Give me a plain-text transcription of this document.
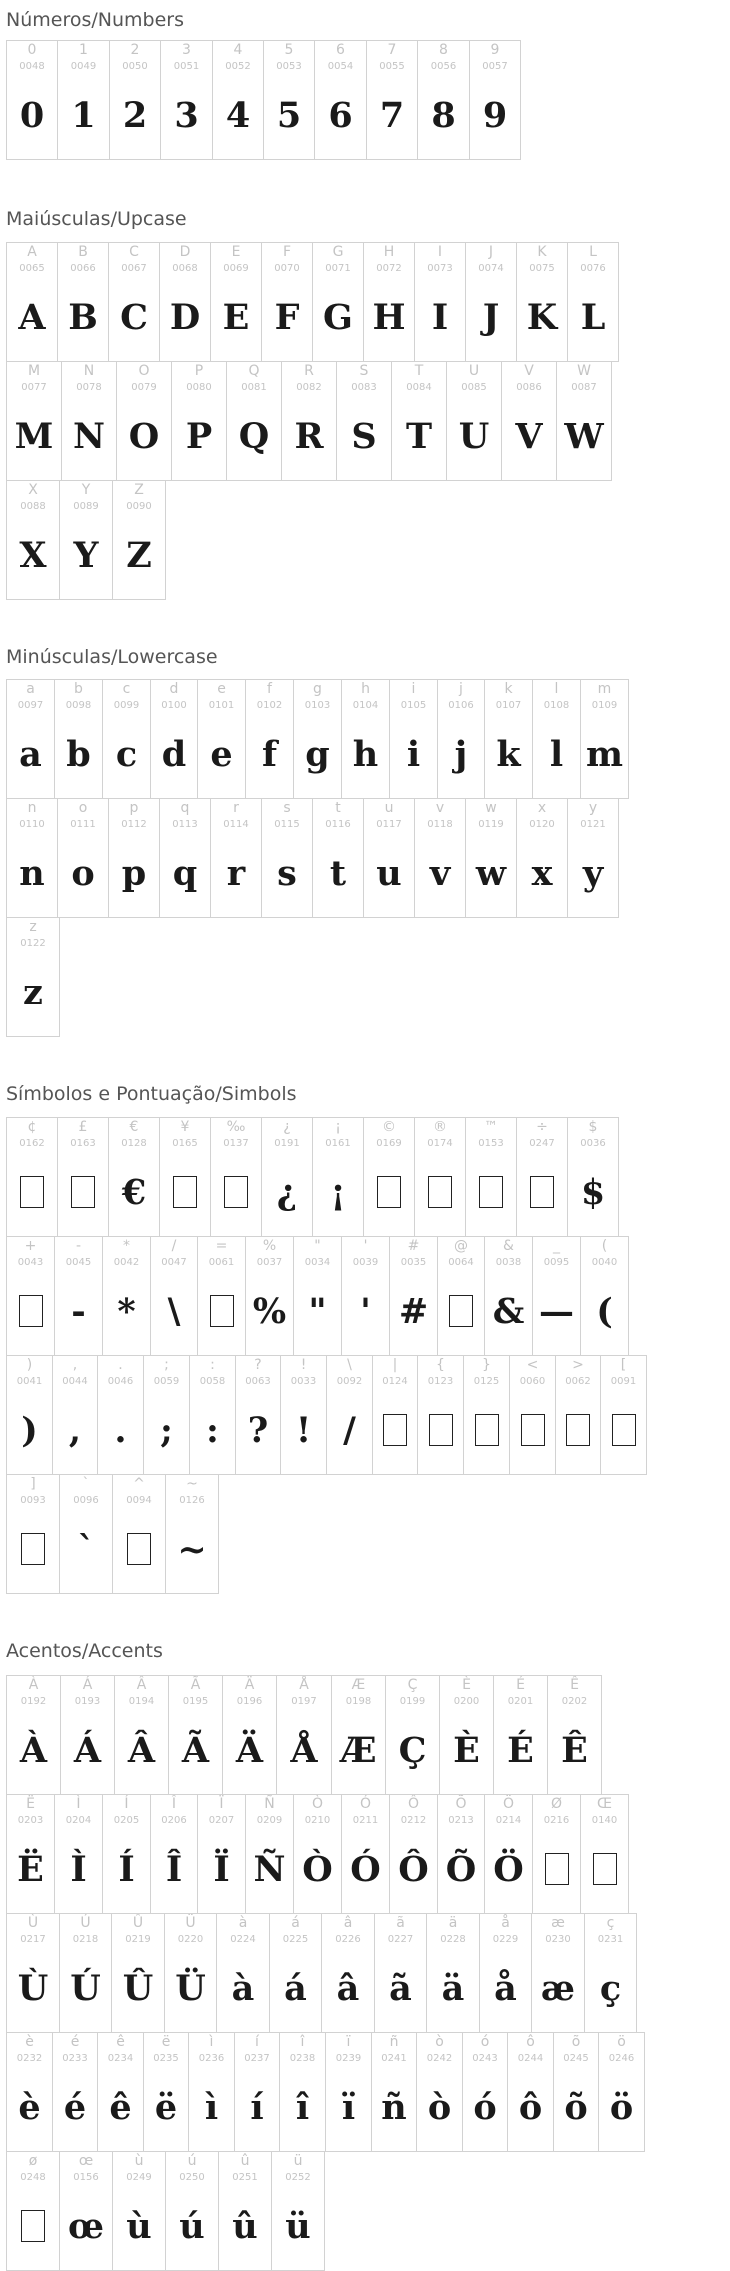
Números/Numbers
0
0048
0
1
0049
1
2
0050
2
3
0051
3
4
0052
4
5
0053
5
6
0054
6
7
0055
7
8
0056
8
9
0057
9
Maiúsculas/Upcase
A
0065
A
B
0066
B
C
0067
C
D
0068
D
E
0069
E
F
0070
F
G
0071
G
H
0072
H
I
0073
I
J
0074
J
K
0075
K
L
0076
L
M
0077
M
N
0078
N
O
0079
O
P
0080
P
Q
0081
Q
R
0082
R
S
0083
S
T
0084
T
U
0085
U
V
0086
V
W
0087
W
X
0088
X
Y
0089
Y
Z
0090
Z
Minúsculas/Lowercase
a
0097
a
b
0098
b
c
0099
c
d
0100
d
e
0101
e
f
0102
f
g
0103
g
h
0104
h
i
0105
i
j
0106
j
k
0107
k
l
0108
l
m
0109
m
n
0110
n
o
0111
o
p
0112
p
q
0113
q
r
0114
r
s
0115
s
t
0116
t
u
0117
u
v
0118
v
w
0119
w
x
0120
x
y
0121
y
z
0122
z
Símbolos e Pontuação/Simbols
¢
0162
£
0163
€
0128
€
¥
0165
‰
0137
¿
0191
¿
¡
0161
¡
©
0169
®
0174
™
0153
÷
0247
$
0036
$
+
0043
-
0045
-
*
0042
*
/
0047
\
=
0061
%
0037
%
"
0034
"
'
0039
'
#
0035
#
@
0064
&
0038
&
_
0095
—
(
0040
(
)
0041
)
,
0044
,
.
0046
.
;
0059
;
:
0058
:
?
0063
?
!
0033
!
\
0092
/
|
0124
{
0123
}
0125
<
0060
>
0062
[
0091
]
0093
`
0096
`
^
0094
~
0126
~
Acentos/Accents
À
0192
À
Á
0193
Á
Â
0194
Â
Ã
0195
Ã
Ä
0196
Ä
Å
0197
Å
Æ
0198
Æ
Ç
0199
Ç
È
0200
È
É
0201
É
Ê
0202
Ê
Ë
0203
Ë
Ì
0204
Ì
Í
0205
Í
Î
0206
Î
Ï
0207
Ï
Ñ
0209
Ñ
Ò
0210
Ò
Ó
0211
Ó
Ô
0212
Ô
Õ
0213
Õ
Ö
0214
Ö
Ø
0216
Œ
0140
Ù
0217
Ù
Ú
0218
Ú
Û
0219
Û
Ü
0220
Ü
à
0224
à
á
0225
á
â
0226
â
ã
0227
ã
ä
0228
ä
å
0229
å
æ
0230
æ
ç
0231
ç
è
0232
è
é
0233
é
ê
0234
ê
ë
0235
ë
ì
0236
ì
í
0237
í
î
0238
î
ï
0239
ï
ñ
0241
ñ
ò
0242
ò
ó
0243
ó
ô
0244
ô
õ
0245
õ
ö
0246
ö
ø
0248
œ
0156
œ
ù
0249
ù
ú
0250
ú
û
0251
û
ü
0252
ü
